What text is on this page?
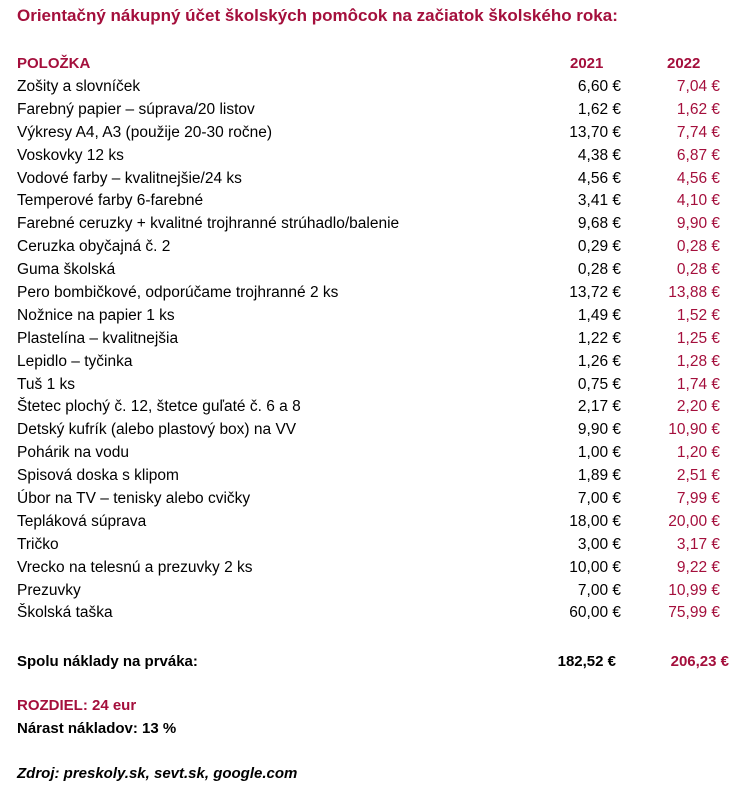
Orientačný nákupný účet školských pomôcok na začiatok školského roka:
POLOŽKA	2021	2022
Zošity a slovníček	6,60 €	7,04 €
Farebný papier – súprava/20 listov	1,62 €	1,62 €
Výkresy A4, A3 (použije 20-30 ročne)	13,70 €	7,74 €
Voskovky 12 ks	4,38 €	6,87 €
Vodové farby – kvalitnejšie/24 ks	4,56 €	4,56 €
Temperové farby 6-farebné	3,41 €	4,10 €
Farebné ceruzky + kvalitné trojhranné strúhadlo/balenie	9,68 €	9,90 €
Ceruzka obyčajná č. 2	0,29 €	0,28 €
Guma školská	0,28 €	0,28 €
Pero bombičkové, odporúčame trojhranné 2 ks	13,72 €	13,88 €
Nožnice na papier 1 ks	1,49 €	1,52 €
Plastelína – kvalitnejšia	1,22 €	1,25 €
Lepidlo – tyčinka	1,26 €	1,28 €
Tuš 1 ks	0,75 €	1,74 €
Štetec plochý č. 12, štetce guľaté č. 6 a 8	2,17 €	2,20 €
Detský kufrík (alebo plastový box) na VV	9,90 €	10,90 €
Pohárik na vodu	1,00 €	1,20 €
Spisová doska s klipom	1,89 €	2,51 €
Úbor na TV – tenisky alebo cvičky	7,00 €	7,99 €
Tepláková súprava	18,00 €	20,00 €
Tričko	3,00 €	3,17 €
Vrecko na telesnú a prezuvky 2 ks	10,00 €	9,22 €
Prezuvky	7,00 €	10,99 €
Školská taška	60,00 €	75,99 €
Spolu náklady na prváka:	182,52 €	206,23 €
ROZDIEL: 24 eur
Nárast nákladov: 13 %
Zdroj: preskoly.sk, sevt.sk, google.com
